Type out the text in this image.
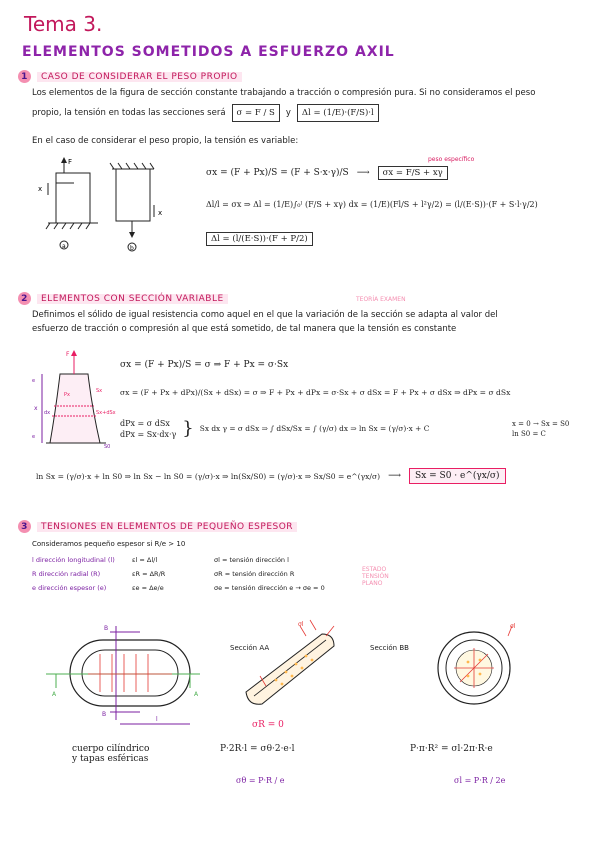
Tema 3.
ELEMENTOS SOMETIDOS A ESFUERZO AXIL
1	CASO DE CONSIDERAR EL PESO PROPIO
Los elementos de la figura de sección constante trabajando a tracción o compresión pura. Si no consideramos el peso
propio, la tensión en todas las secciones será	σ = F / S	y	Δl = (1/E)·(F/S)·l
En el caso de considerar el peso propio, la tensión es variable:
F
x
a
x
b
σx = (F + Px)/S = (F + S·x·γ)/S ⟶	σx = F/S + xγ
peso específico
Δl/l = σx ⇒ Δl = (1/E)∫₀ˡ (F/S + xγ) dx = (1/E)(Fl/S + l²γ/2) = (l/(E·S))·(F + S·l·γ/2)
Δl = (l/(E·S))·(F + P/2)
2	ELEMENTOS CON SECCIÓN VARIABLE	TEORÍA EXAMEN
Definimos el sólido de igual resistencia como aquel en el que la variación de la sección se adapta al valor del
esfuerzo de tracción o compresión al que está sometido, de tal manera que la tensión es constante
F
Px
Sx
Sx+dSx
x
dx
e
e
S0
σx = (F + Px)/S = σ ⇒ F + Px = σ·Sx
σx = (F + Px + dPx)/(Sx + dSx) = σ ⇒ F + Px + dPx = σ·Sx + σ dSx = F + Px + σ dSx ⇒ dPx = σ dSx
dPx = σ dSx
dPx = Sx·dx·γ } Sx dx γ = σ dSx ⇒ ∫ dSx/Sx = ∫ (γ/σ) dx ⇒ ln Sx = (γ/σ)·x + C	x = 0 → Sx = S0
ln S0 = C
ln Sx = (γ/σ)·x + ln S0 ⇒ ln Sx − ln S0 = (γ/σ)·x ⇒ ln(Sx/S0) = (γ/σ)·x ⇒ Sx/S0 = e^(γx/σ) ⟶	Sx = S0 · e^(γx/σ)
3	TENSIONES EN ELEMENTOS DE PEQUEÑO ESPESOR
Consideramos pequeño espesor si R/e > 10
l dirección longitudinal (l)	εl = Δl/l	σl = tensión dirección l
R dirección radial (R)	εR = ΔR/R	σR = tensión dirección R
e dirección espesor (e)	εe = Δe/e	σe = tensión dirección e → σe = 0
ESTADO TENSIÓN PLANO
B
B
A	A
l
cuerpo cilíndrico
y tapas esféricas
Sección AA
σl
σR = 0
P·2R·l = σθ·2·e·l
σθ = P·R / e
Sección BB
σl
P·π·R² = σl·2π·R·e
σl = P·R / 2e
